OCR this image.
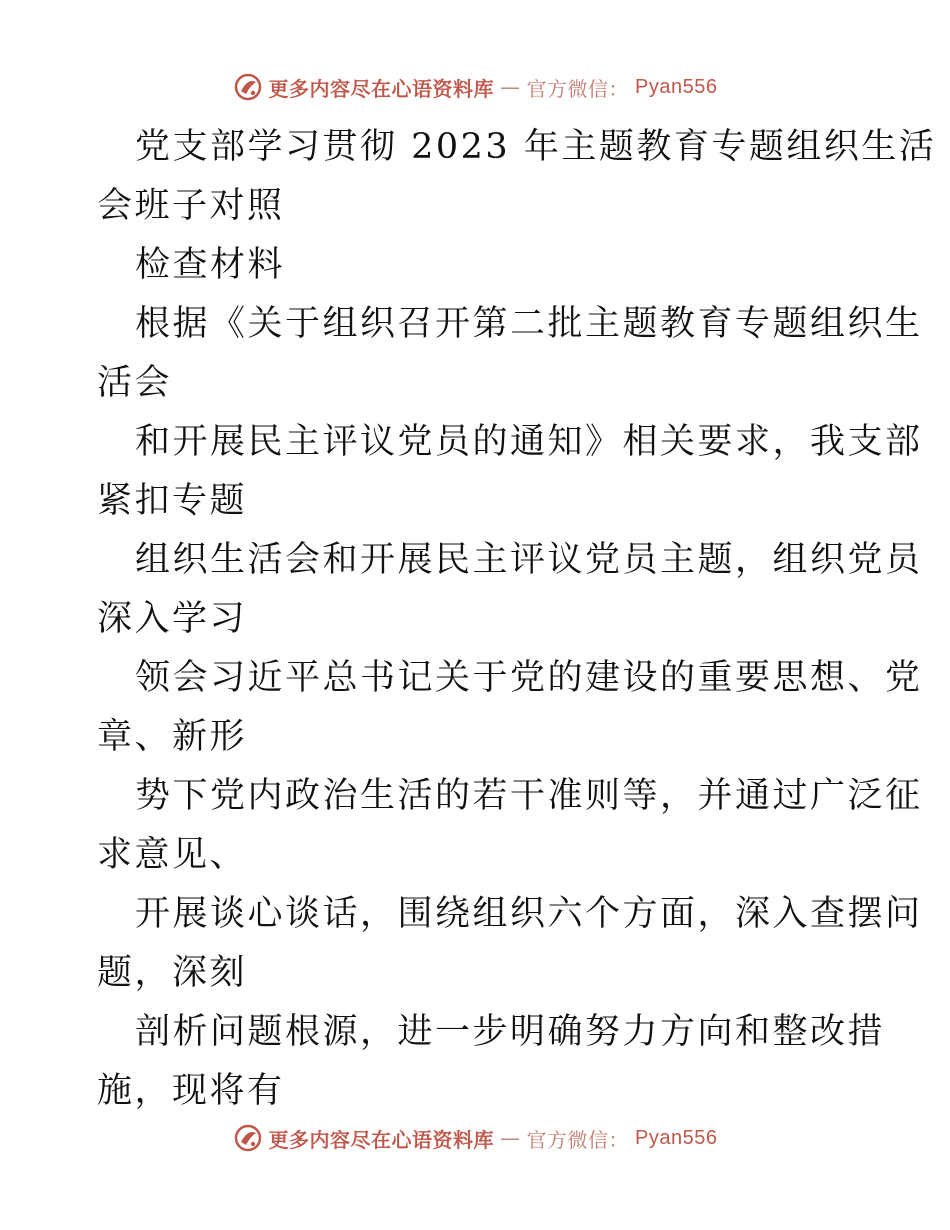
更多内容尽在心语资料库 — 官方微信： Pyan556
党支部学习贯彻 2023 年主题教育专题组织生活
会班子对照
检查材料
根据《关于组织召开第二批主题教育专题组织生
活会
和开展民主评议党员的通知》相关要求，我支部
紧扣专题
组织生活会和开展民主评议党员主题，组织党员
深入学习
领会习近平总书记关于党的建设的重要思想、党
章、新形
势下党内政治生活的若干准则等，并通过广泛征
求意见、
开展谈心谈话，围绕组织六个方面，深入查摆问
题，深刻
剖析问题根源，进一步明确努力方向和整改措
施，现将有
更多内容尽在心语资料库 — 官方微信： Pyan556
